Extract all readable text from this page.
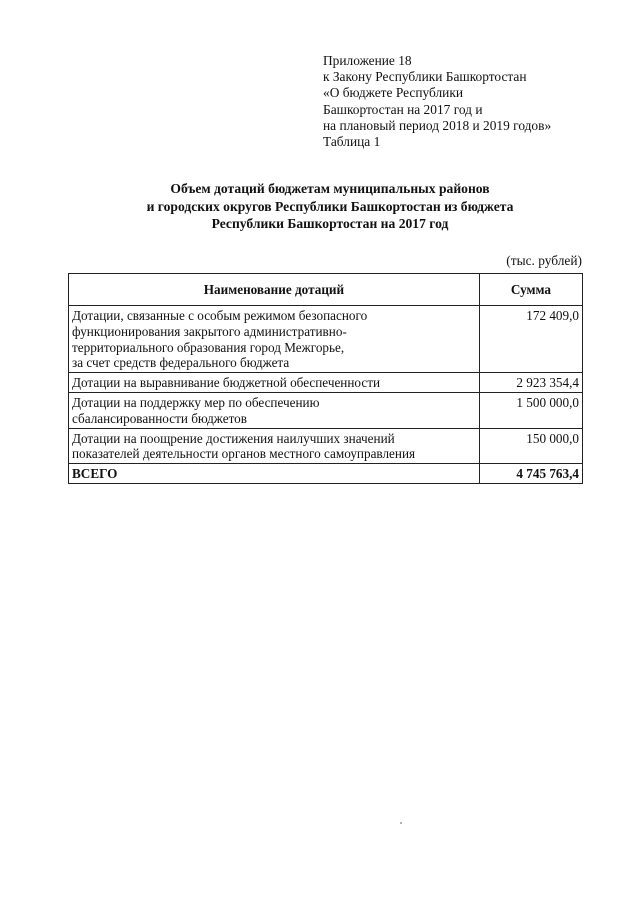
Приложение 18
к Закону Республики Башкортостан
«О бюджете Республики
Башкортостан на 2017 год и
на плановый период 2018 и 2019 годов»
Таблица 1
Объем дотаций бюджетам муниципальных районов
и городских округов Республики Башкортостан из бюджета
Республики Башкортостан на 2017 год
(тыс. рублей)
Наименование дотаций	Сумма

Дотации, связанные с особым режимом безопасного
функционирования закрытого административно-
территориального образования город Межгорье,
за счет средств федерального бюджета	172 409,0

Дотации на выравнивание бюджетной обеспеченности	2 923 354,4

Дотации на поддержку мер по обеспечению
сбалансированности бюджетов	1 500 000,0

Дотации на поощрение достижения наилучших значений
показателей деятельности органов местного самоуправления	150 000,0
ВСЕГО	4 745 763,4
